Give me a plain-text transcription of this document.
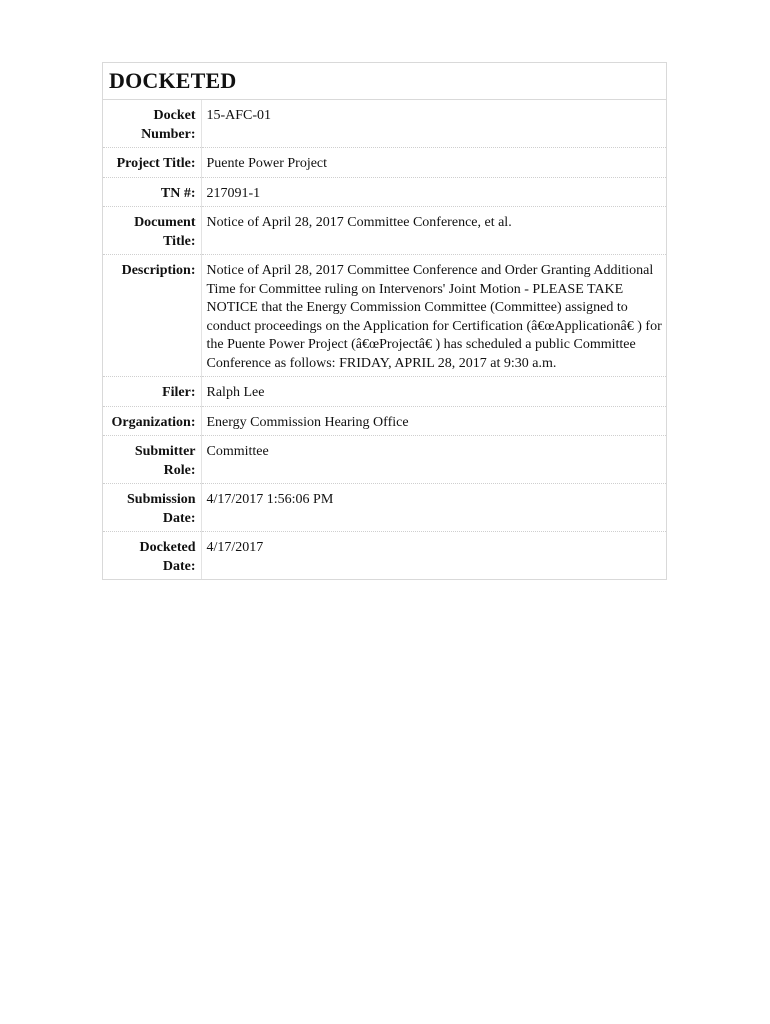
DOCKETED
Docket Number:	15-AFC-01
Project Title:	Puente Power Project
TN #:	217091-1
Document Title:	Notice of April 28, 2017 Committee Conference, et al.
Description:	Notice of April 28, 2017 Committee Conference and Order Granting Additional Time for Committee ruling on Intervenors' Joint Motion - PLEASE TAKE NOTICE that the Energy Commission Committee (Committee) assigned to conduct proceedings on the Application for Certification (â€œApplicationâ€ ) for the Puente Power Project (â€œProjectâ€ ) has scheduled a public Committee Conference as follows: FRIDAY, APRIL 28, 2017 at 9:30 a.m.
Filer:	Ralph Lee
Organization:	Energy Commission Hearing Office
Submitter Role:	Committee
Submission Date:	4/17/2017 1:56:06 PM
Docketed Date:	4/17/2017
